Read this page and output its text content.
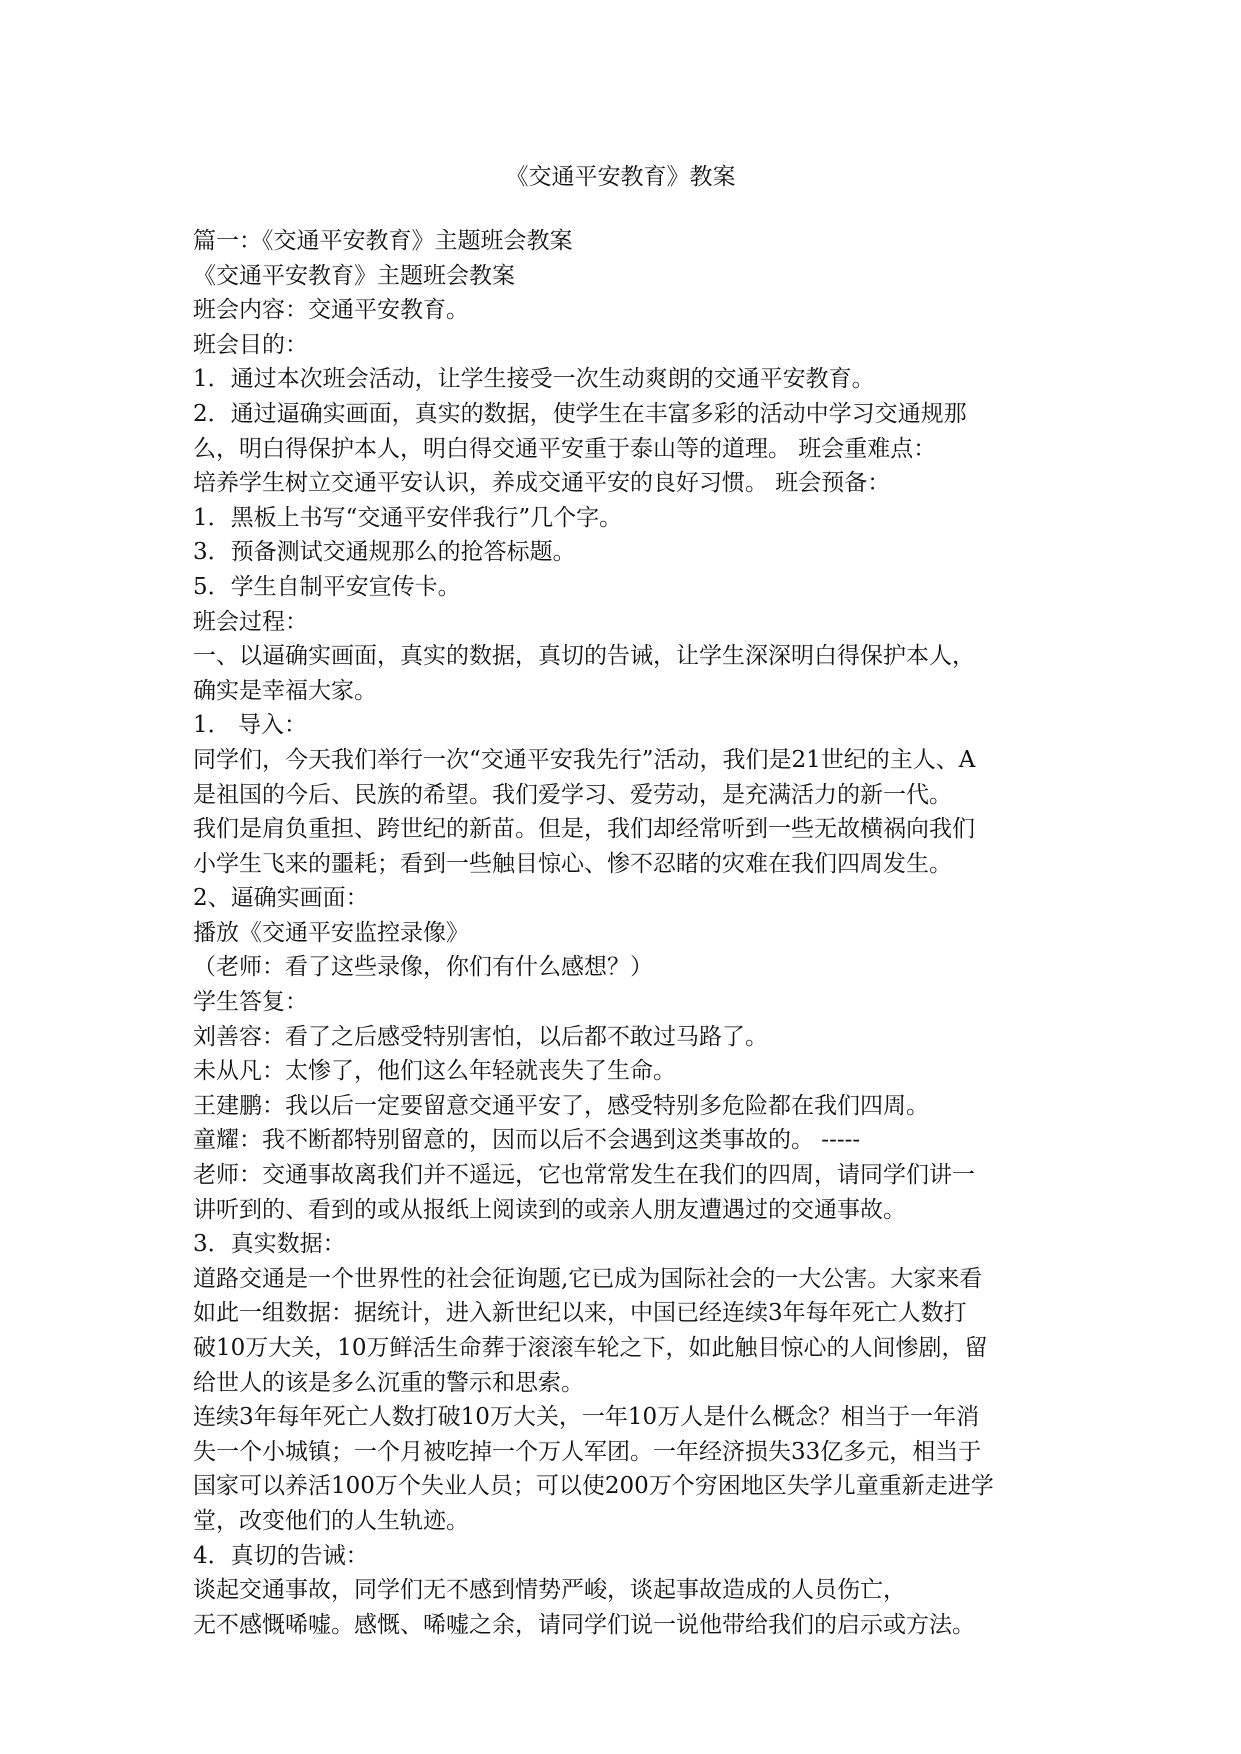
《交通平安教育》教案
篇一：《交通平安教育》主题班会教案
《交通平安教育》主题班会教案
班会内容：交通平安教育。
班会目的：
1．通过本次班会活动，让学生接受一次生动爽朗的交通平安教育。
2．通过逼确实画面，真实的数据，使学生在丰富多彩的活动中学习交通规那
么，明白得保护本人，明白得交通平安重于泰山等的道理。 班会重难点：
培养学生树立交通平安认识，养成交通平安的良好习惯。 班会预备：
1．黑板上书写“交通平安伴我行”几个字。
3．预备测试交通规那么的抢答标题。
5．学生自制平安宣传卡。
班会过程：
一、以逼确实画面，真实的数据，真切的告诫，让学生深深明白得保护本人，
确实是幸福大家。
1． 导入：
同学们，今天我们举行一次“交通平安我先行”活动，我们是21世纪的主人、A
是祖国的今后、民族的希望。我们爱学习、爱劳动，是充满活力的新一代。
我们是肩负重担、跨世纪的新苗。但是，我们却经常听到一些无故横祸向我们
小学生飞来的噩耗；看到一些触目惊心、惨不忍睹的灾难在我们四周发生。
2、逼确实画面：
播放《交通平安监控录像》
（老师：看了这些录像，你们有什么感想？）
学生答复：
刘善容：看了之后感受特别害怕，以后都不敢过马路了。
未从凡：太惨了，他们这么年轻就丧失了生命。
王建鹏：我以后一定要留意交通平安了，感受特别多危险都在我们四周。
童耀：我不断都特别留意的，因而以后不会遇到这类事故的。 -----
老师：交通事故离我们并不遥远，它也常常发生在我们的四周，请同学们讲一
讲听到的、看到的或从报纸上阅读到的或亲人朋友遭遇过的交通事故。
3．真实数据：
道路交通是一个世界性的社会征询题,它已成为国际社会的一大公害。大家来看
如此一组数据：据统计，进入新世纪以来，中国已经连续3年每年死亡人数打
破10万大关，10万鲜活生命葬于滚滚车轮之下，如此触目惊心的人间惨剧，留
给世人的该是多么沉重的警示和思索。
连续3年每年死亡人数打破10万大关，一年10万人是什么概念？相当于一年消
失一个小城镇；一个月被吃掉一个万人军团。一年经济损失33亿多元，相当于
国家可以养活100万个失业人员；可以使200万个穷困地区失学儿童重新走进学
堂，改变他们的人生轨迹。
4．真切的告诫：
谈起交通事故，同学们无不感到情势严峻，谈起事故造成的人员伤亡，
无不感慨唏嘘。感慨、唏嘘之余，请同学们说一说他带给我们的启示或方法。
